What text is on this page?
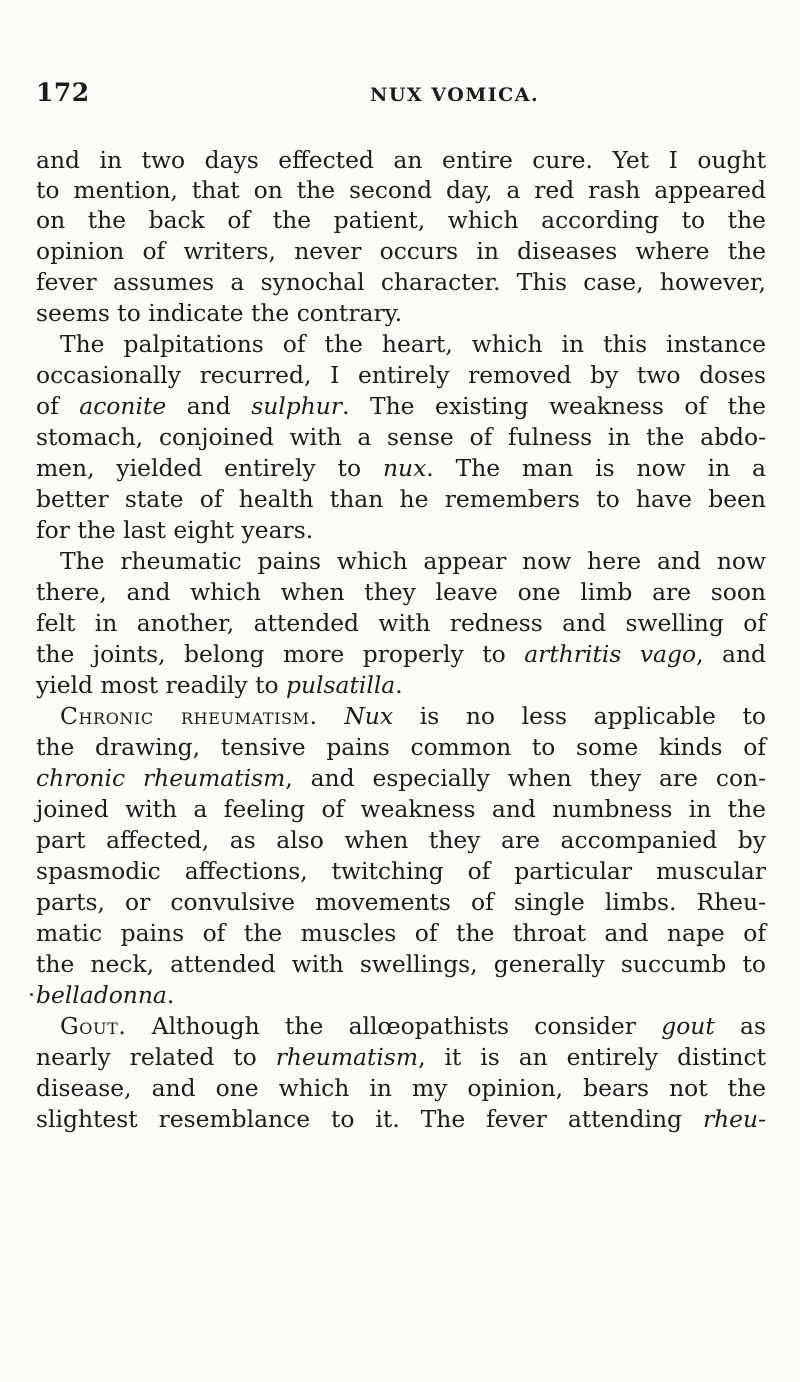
172	NUX VOMICA.
and in two days effected an entire cure. Yet I ought
to mention, that on the second day, a red rash appeared
on the back of the patient, which according to the
opinion of writers, never occurs in diseases where the
fever assumes a synochal character. This case, however,
seems to indicate the contrary.
The palpitations of the heart, which in this instance
occasionally recurred, I entirely removed by two doses
of aconite and sulphur. The existing weakness of the
stomach, conjoined with a sense of fulness in the abdo-
men, yielded entirely to nux. The man is now in a
better state of health than he remembers to have been
for the last eight years.
The rheumatic pains which appear now here and now
there, and which when they leave one limb are soon
felt in another, attended with redness and swelling of
the joints, belong more properly to arthritis vago, and
yield most readily to pulsatilla.
Chronic rheumatism. Nux is no less applicable to
the drawing, tensive pains common to some kinds of
chronic rheumatism, and especially when they are con-
joined with a feeling of weakness and numbness in the
part affected, as also when they are accompanied by
spasmodic affections, twitching of particular muscular
parts, or convulsive movements of single limbs. Rheu-
matic pains of the muscles of the throat and nape of
the neck, attended with swellings, generally succumb to
belladonna.
Gout. Although the allœopathists consider gout as
nearly related to rheumatism, it is an entirely distinct
disease, and one which in my opinion, bears not the
slightest resemblance to it. The fever attending rheu-
